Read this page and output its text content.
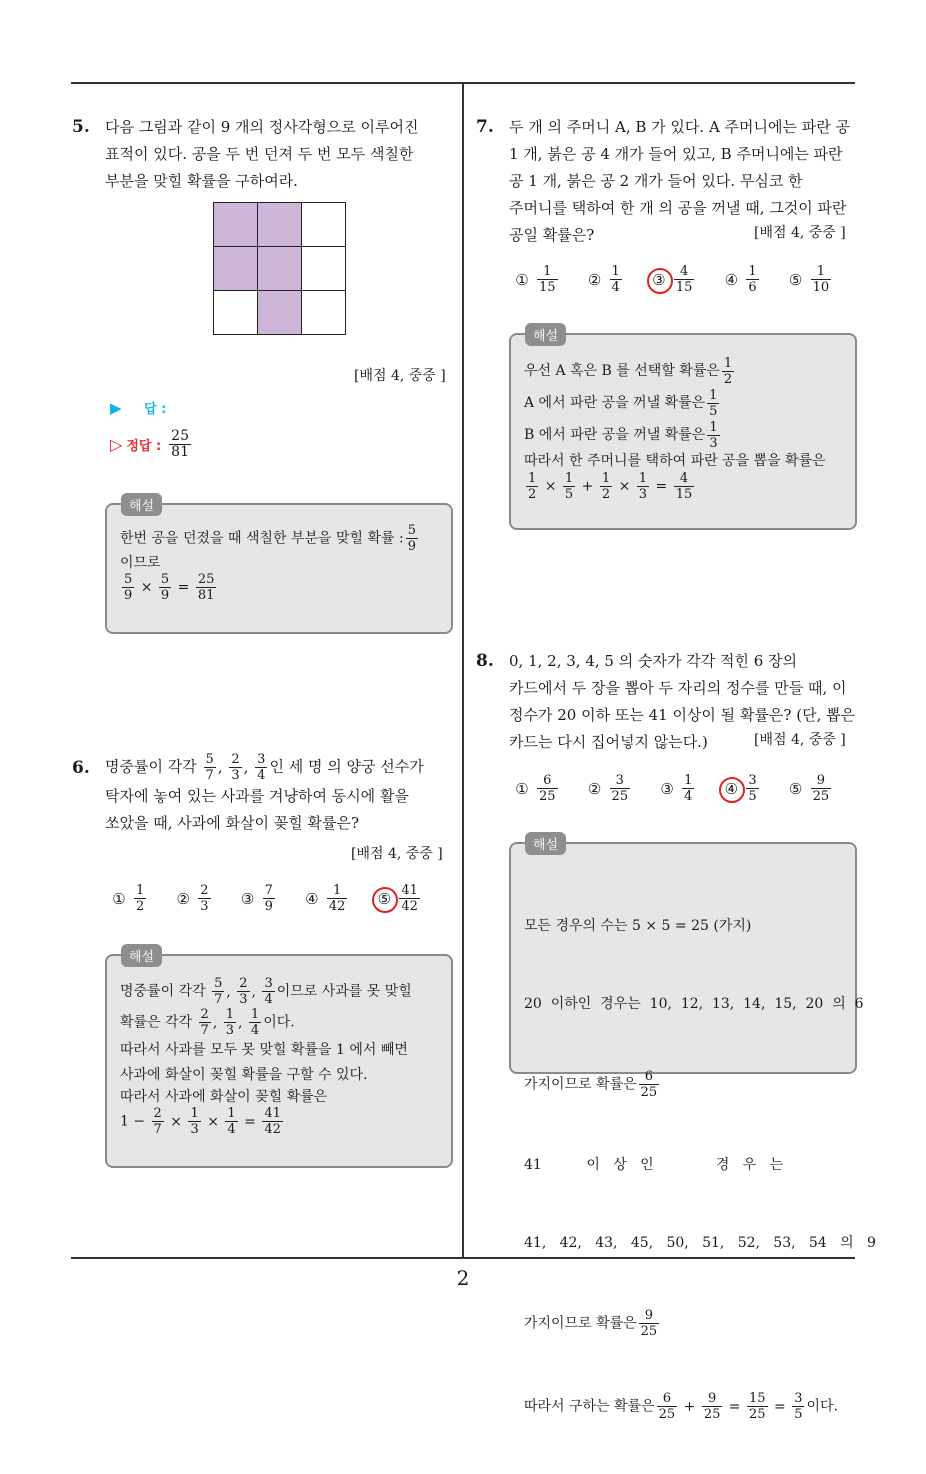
2
5. 다음 그림과 같이 9 개의 정사각형으로 이루어진
표적이 있다. 공을 두 번 던져 두 번 모두 색칠한
부분을 맞힐 확률을 구하여라.

[배점 4, 중중 ]
▶ 답 :
▷ 정답 : $\frac{25}{81}$
해설
한번 공을 던졌을 때 색칠한 부분을 맞힐 확률 : $\frac{5}{9}$
이므로
$\frac{5}{9} \times \frac{5}{9} = \frac{25}{81}$
6. 명중률이 각각 $\frac{5}{7}$ , $\frac{2}{3}$ , $\frac{3}{4}$ 인 세 명 의 양궁 선수가
탁자에 놓여 있는 사과를 겨냥하여 동시에 활을
쏘았을 때, 사과에 화살이 꽂힐 확률은?
[배점 4, 중중 ]
① $\frac{1}{2}$ ② $\frac{2}{3}$ ③ $\frac{7}{9}$ ④ $\frac{1}{42}$ ⑤ $\frac{41}{42}$
해설
명중률이 각각 $\frac{5}{7}$ , $\frac{2}{3}$ , $\frac{3}{4}$ 이므로 사과를 못 맞힐
확률은 각각 $\frac{2}{7}$ , $\frac{1}{3}$ , $\frac{1}{4}$ 이다.
따라서 사과를 모두 못 맞힐 확률을 1 에서 빼면
사과에 화살이 꽂힐 확률을 구할 수 있다.
따라서 사과에 화살이 꽂힐 확률은
$1 - \frac{2}{7} \times \frac{1}{3} \times \frac{1}{4} = \frac{41}{42}$
7. 두 개 의 주머니 A, B 가 있다. A 주머니에는 파란 공
1 개, 붉은 공 4 개가 들어 있고, B 주머니에는 파란
공 1 개, 붉은 공 2 개가 들어 있다. 무심코 한
주머니를 택하여 한 개 의 공을 꺼낼 때, 그것이 파란
공일 확률은?	[배점 4, 중중 ]
① $\frac{1}{15}$ ② $\frac{1}{4}$ ③ $\frac{4}{15}$ ④ $\frac{1}{6}$ ⑤ $\frac{1}{10}$
해설
우선 A 혹은 B 를 선택할 확률은 $\frac{1}{2}$
A 에서 파란 공을 꺼낼 확률은 $\frac{1}{5}$
B 에서 파란 공을 꺼낼 확률은 $\frac{1}{3}$
따라서 한 주머니를 택하여 파란 공을 뽑을 확률은
$\frac{1}{2} \times \frac{1}{5} + \frac{1}{2} \times \frac{1}{3} = \frac{4}{15}$
8. 0, 1, 2, 3, 4, 5 의 숫자가 각각 적힌 6 장의
카드에서 두 장을 뽑아 두 자리의 정수를 만들 때, 이
정수가 20 이하 또는 41 이상이 될 확률은? (단, 뽑은
카드는 다시 집어넣지 않는다.)	[배점 4, 중중 ]
① $\frac{6}{25}$ ② $\frac{3}{25}$ ③ $\frac{1}{4}$ ④ $\frac{3}{5}$ ⑤ $\frac{9}{25}$
해설

모든 경우의 수는 5 × 5 = 25 (가지)

20  이하인  경우는  10,  12,  13,  14,  15,  20  의  6

가지이므로 확률은 $\frac{6}{25}$

41          이   상   인              경   우   는

41,   42,   43,   45,   50,   51,   52,   53,   54   의   9

가지이므로 확률은 $\frac{9}{25}$

따라서 구하는 확률은 $\frac{6}{25} + \frac{9}{25} = \frac{15}{25} = \frac{3}{5}$ 이다.
